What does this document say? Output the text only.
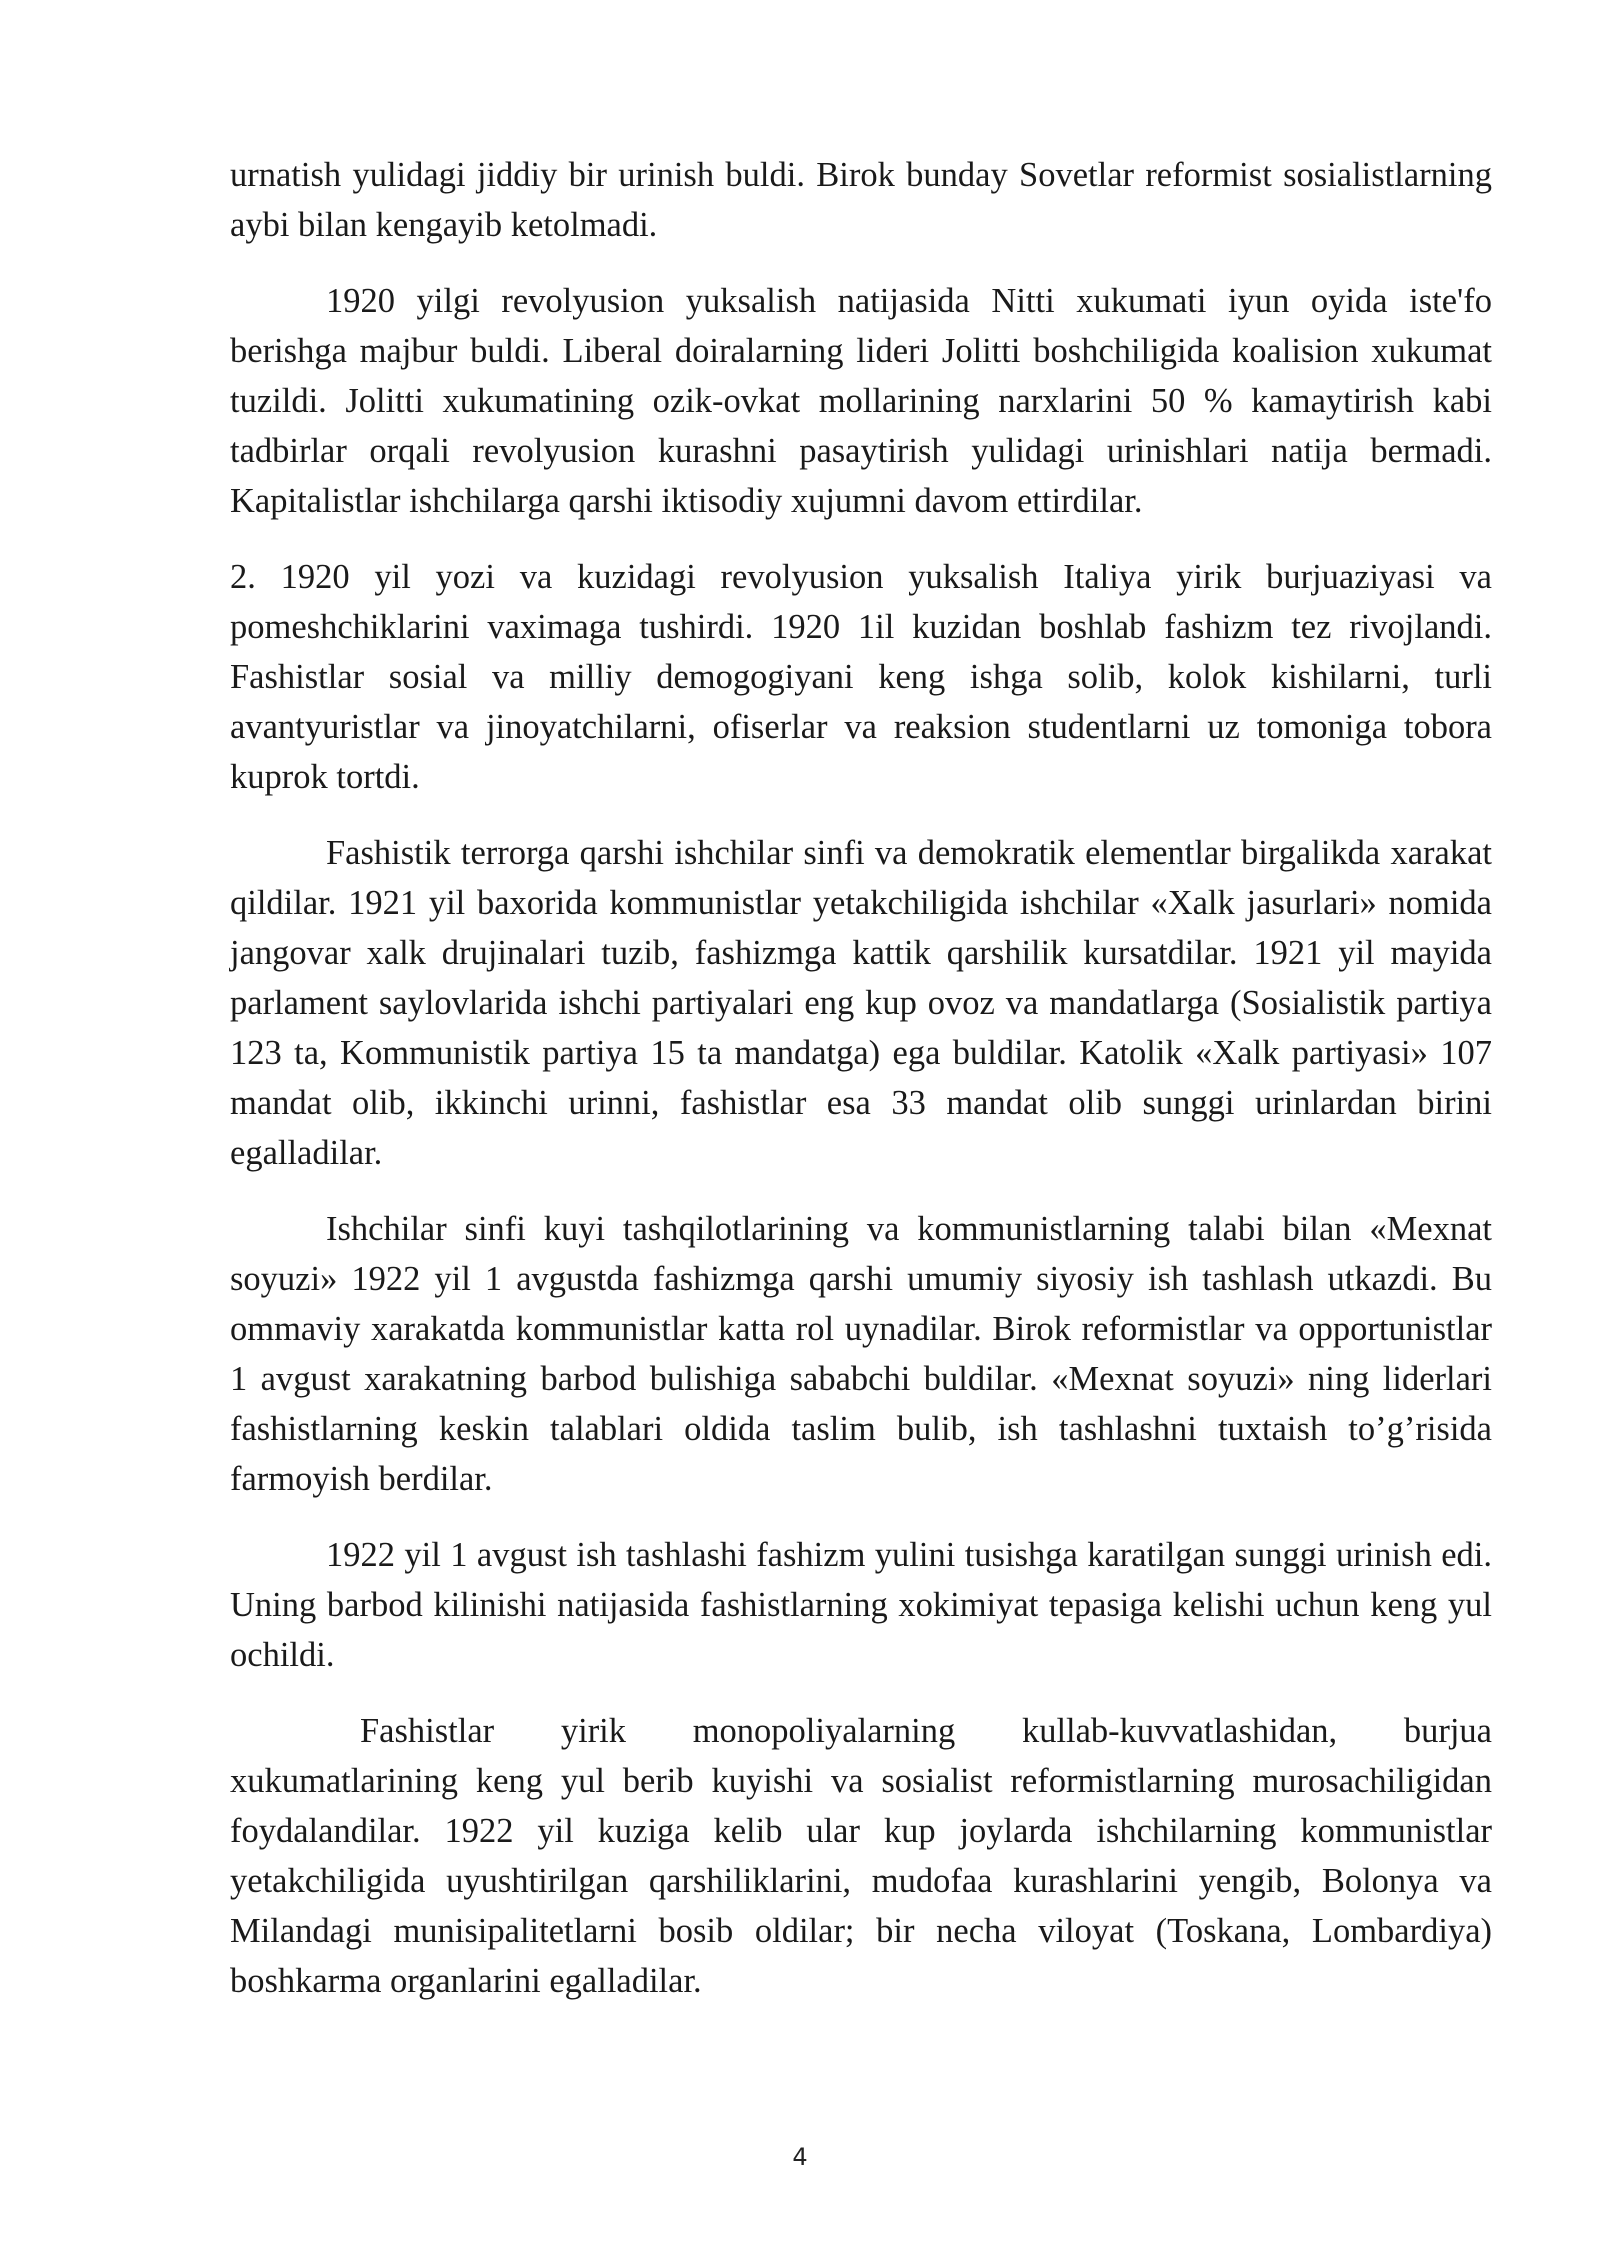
urnatish yulidagi jiddiy bir urinish buldi. Birok bunday Sovetlar reformist sosialistlarning aybi bilan kengayib ketolmadi.

1920 yilgi revolyusion yuksalish natijasida Nitti xukumati iyun oyida iste'fo berishga majbur buldi. Liberal doiralarning lideri Jolitti boshchiligida koalision xukumat tuzildi. Jolitti xukumatining ozik-ovkat mollarining narxlarini 50 % kamaytirish kabi tadbirlar orqali revolyusion kurashni pasaytirish yulidagi urinishlari natija bermadi. Kapitalistlar ishchilarga qarshi iktisodiy xujumni davom ettirdilar.

2. 1920 yil yozi va kuzidagi revolyusion yuksalish Italiya yirik burjuaziyasi va pomeshchiklarini vaximaga tushirdi. 1920 1il kuzidan boshlab fashizm tez rivojlandi. Fashistlar sosial va milliy demogogiyani keng ishga solib, kolok kishilarni, turli avantyuristlar va jinoyatchilarni, ofiserlar va reaksion studentlarni uz tomoniga tobora kuprok tortdi.

Fashistik terrorga qarshi ishchilar sinfi va demokratik elementlar birgalikda xarakat qildilar. 1921 yil baxorida kommunistlar yetakchiligida ishchilar «Xalk jasurlari» nomida jangovar xalk drujinalari tuzib, fashizmga kattik qarshilik kursatdilar. 1921 yil mayida parlament saylovlarida ishchi partiyalari eng kup ovoz va mandatlarga (Sosialistik partiya 123 ta, Kommunistik partiya 15 ta mandatga) ega buldilar. Katolik «Xalk partiyasi» 107 mandat olib, ikkinchi urinni, fashistlar esa 33 mandat olib sunggi urinlardan birini egalladilar.

Ishchilar sinfi kuyi tashqilotlarining va kommunistlarning talabi bilan «Mexnat soyuzi» 1922 yil 1 avgustda fashizmga qarshi umumiy siyosiy ish tashlash utkazdi. Bu ommaviy xarakatda kommunistlar katta rol uynadilar. Birok reformistlar va opportunistlar 1 avgust xarakatning barbod bulishiga sababchi buldilar. «Mexnat soyuzi» ning liderlari fashistlarning keskin talablari oldida taslim bulib, ish tashlashni tuxtaish to’g’risida farmoyish berdilar.

1922 yil 1 avgust ish tashlashi fashizm yulini tusishga karatilgan sunggi urinish edi. Uning barbod kilinishi natijasida fashistlarning xokimiyat tepasiga kelishi uchun keng yul ochildi.

Fashistlar yirik monopoliyalarning kullab-kuvvatlashidan, burjua xukumatlarining keng yul berib kuyishi va sosialist reformistlarning murosachiligidan foydalandilar. 1922 yil kuziga kelib ular kup joylarda ishchilarning kommunistlar yetakchiligida uyushtirilgan qarshiliklarini, mudofaa kurashlarini yengib, Bolonya va Milandagi munisipalitetlarni bosib oldilar; bir necha viloyat (Toskana, Lombardiya) boshkarma organlarini egalladilar.

4
